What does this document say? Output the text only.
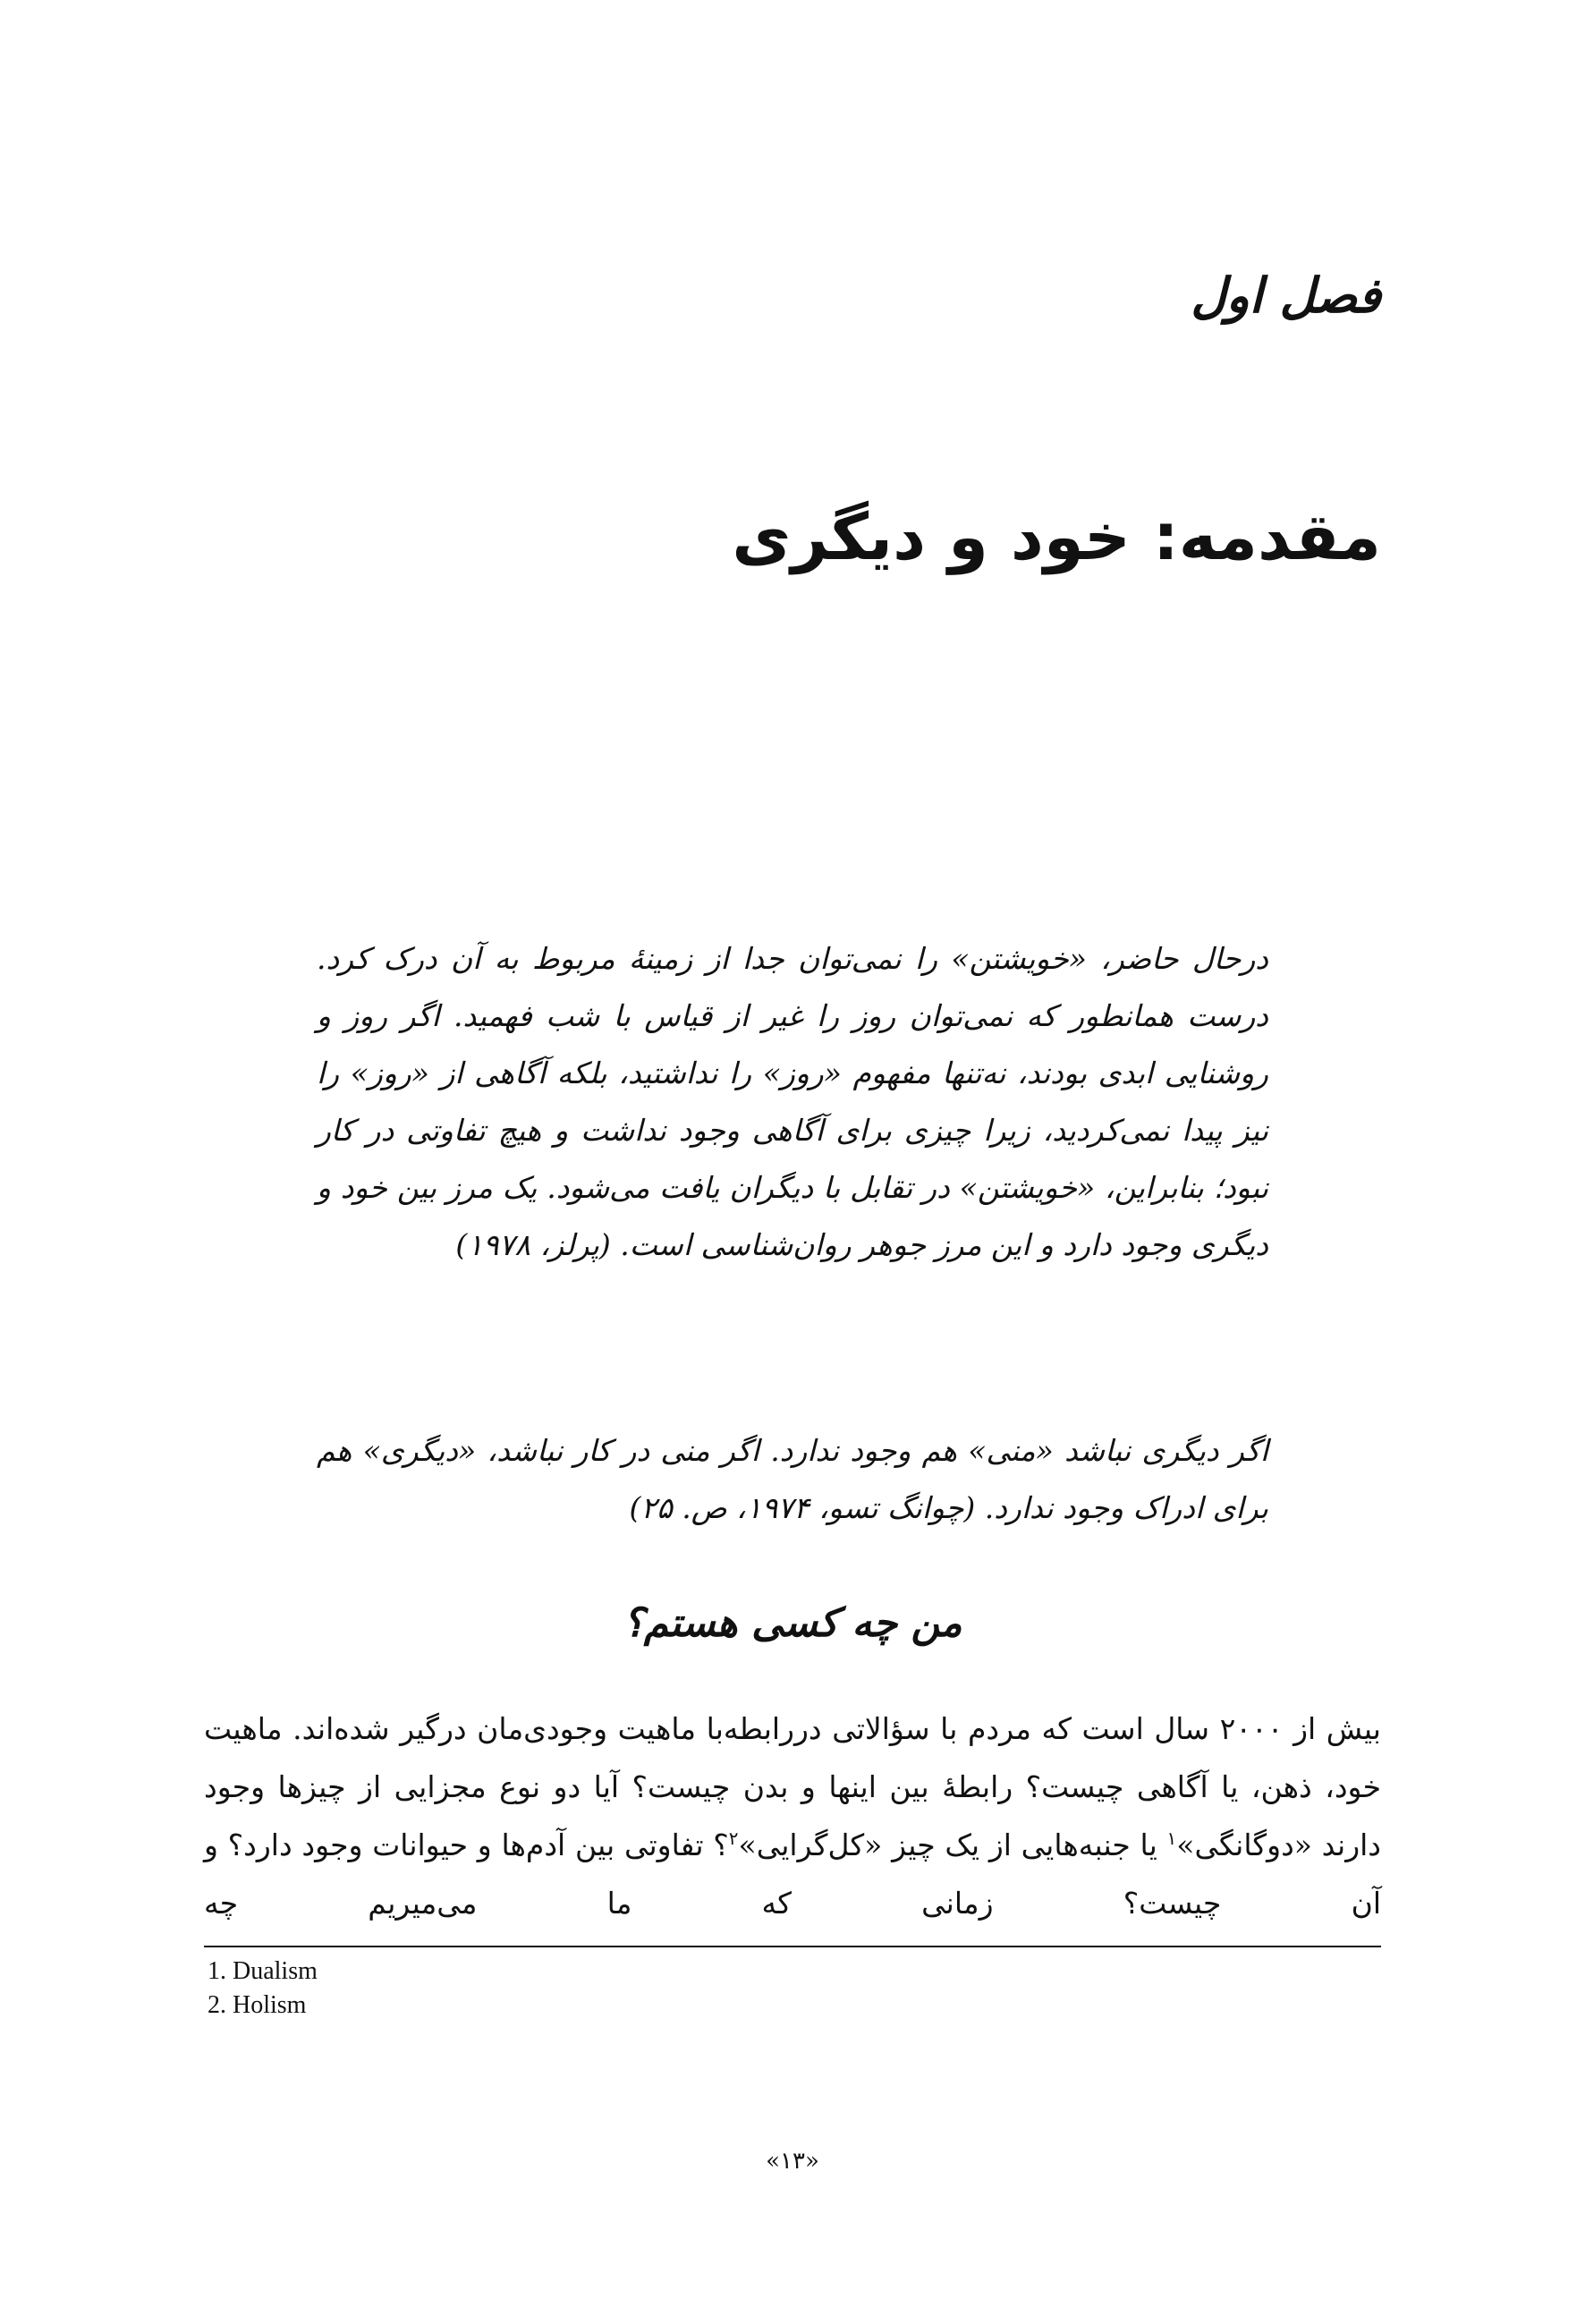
فصل اول
مقدمه: خود و دیگری

درحال حاضر، «خویشتن» را نمی‌توان جدا از زمینهٔ مربوط به آن درک کرد. درست همانطور که نمی‌توان روز را غیر از قیاس با شب فهمید. اگر روز و روشنایی ابدی بودند، نه‌تنها مفهوم «روز» را نداشتید، بلکه آگاهی از «روز» را نیز پیدا نمی‌کردید، زیرا چیزی برای آگاهی وجود نداشت و هیچ تفاوتی در کار نبود؛ بنابراین، «خویشتن» در تقابل با دیگران یافت می‌شود. یک مرز بین خود و دیگری وجود دارد و این مرز جوهر روان‌شناسی است. (پرلز، ۱۹۷۸)

اگر دیگری نباشد «منی» هم وجود ندارد. اگر منی در کار نباشد، «دیگری» هم برای ادراک وجود ندارد. (چوانگ تسو، ۱۹۷۴، ص. ۲۵)

من چه کسی هستم؟

بیش از ۲۰۰۰ سال است که مردم با سؤالاتی دررابطه‌با ماهیت وجودی‌مان درگیر شده‌اند. ماهیت خود، ذهن، یا آگاهی چیست؟ رابطهٔ بین اینها و بدن چیست؟ آیا دو نوع مجزایی از چیزها وجود دارند «دوگانگی»$^۱$ یا جنبه‌هایی از یک چیز «کل‌گرایی»$^۲$؟ تفاوتی بین آدم‌ها و حیوانات وجود دارد؟ و آن چیست؟ زمانی که ما می‌میریم چه

1. Dualism
2. Holism

«۱۳»
